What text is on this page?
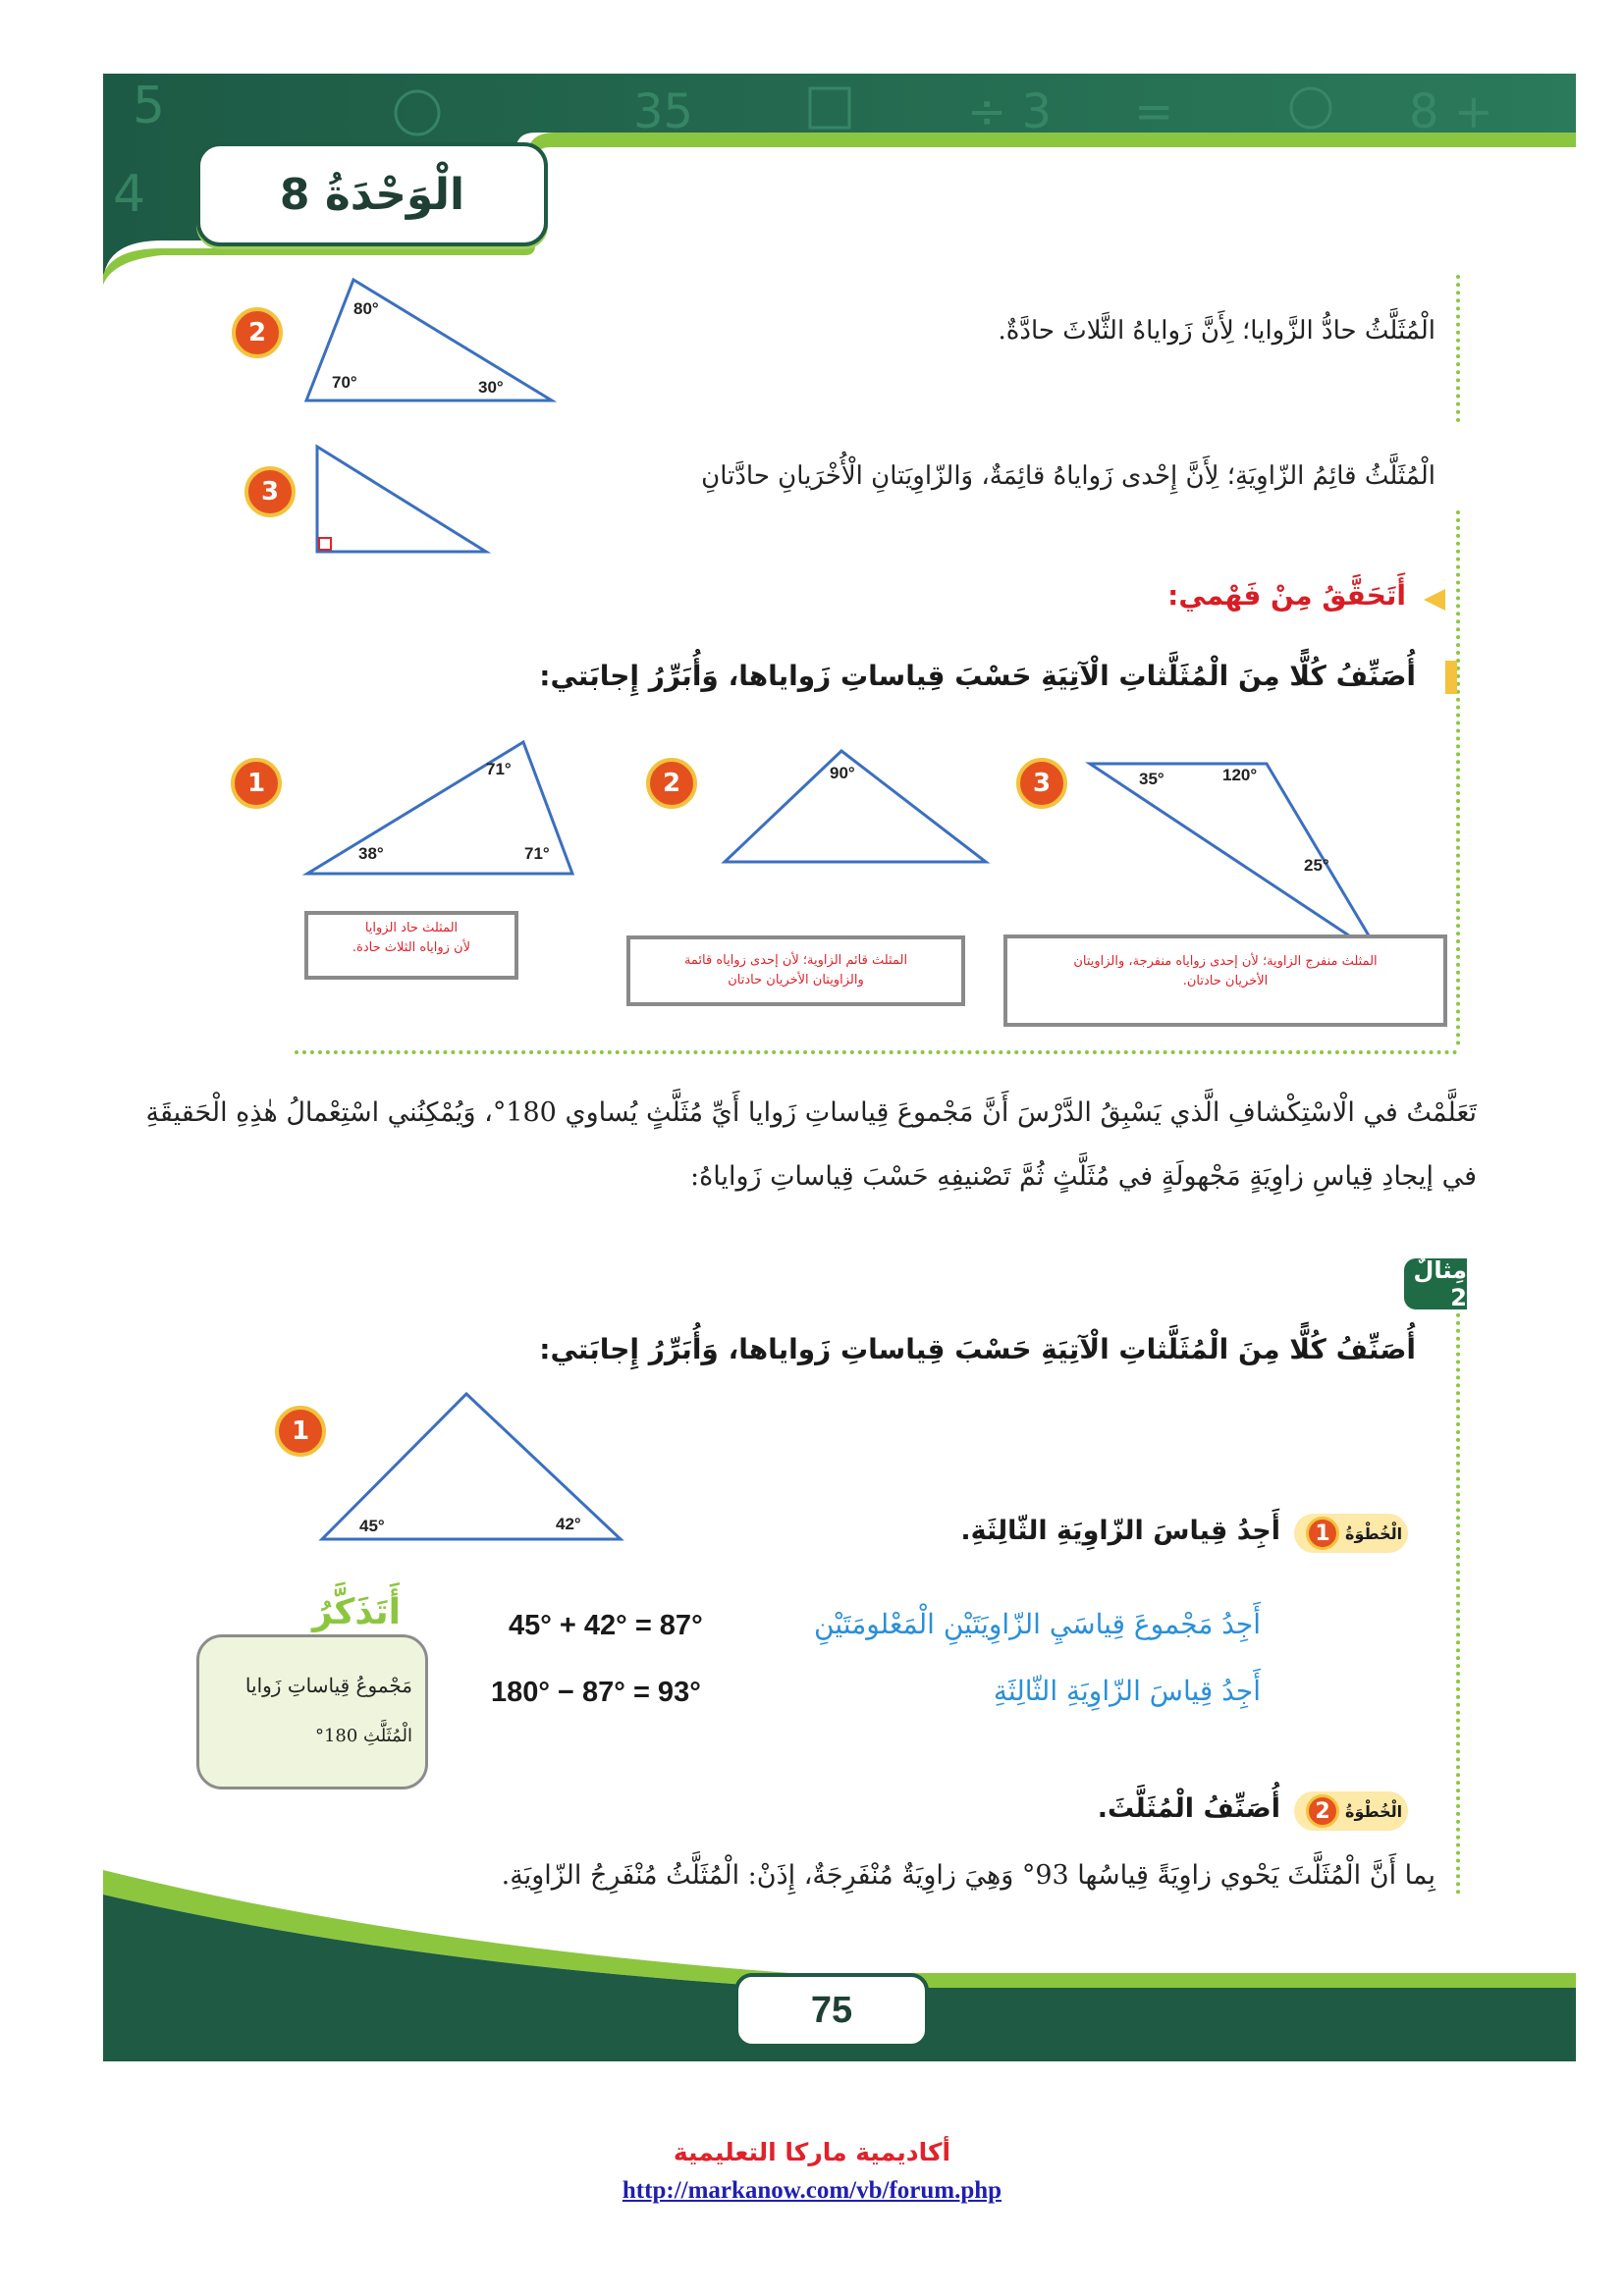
5	35	÷ 3 =	8 +
4	الْوَحْدَةُ 8
2
80°
70°	30°
الْمُثَلَّثُ حادُّ الزَّوايا؛ لِأَنَّ زَواياهُ الثَّلاثَ حادَّةٌ.
3
الْمُثَلَّثُ قائِمُ الزّاوِيَةِ؛ لِأَنَّ إِحْدى زَواياهُ قائِمَةٌ، وَالزّاوِيَتانِ الْأُخْرَيانِ حادَّتانِ
أَتَحَقَّقُ مِنْ فَهْمي:
أُصَنِّفُ كُلًّا مِنَ الْمُثَلَّثاتِ الْآتِيَةِ حَسْبَ قِياساتِ زَواياها، وَأُبَرِّرُ إِجابَتي:
1	71°
38°	71°
المثلث حاد الزوايا
لأن زواياه الثلاث حادة.
2	90°
المثلث قائم الزاوية؛ لأن إحدى زواياه قائمة
والزاويتان الأخريان حادتان
3	35°	120°
25°
المثلث منفرج الزاوية؛ لأن إحدى زواياه منفرجة، والزاويتان
الأخريان حادتان.
تَعَلَّمْتُ في الْاسْتِكْشافِ الَّذي يَسْبِقُ الدَّرْسَ أَنَّ مَجْموعَ قِياساتِ زَوايا أَيِّ مُثَلَّثٍ يُساوي 180°، وَيُمْكِنُني اسْتِعْمالُ هٰذِهِ الْحَقيقَةِ
في إيجادِ قِياسِ زاوِيَةٍ مَجْهولَةٍ في مُثَلَّثٍ ثُمَّ تَصْنيفِهِ حَسْبَ قِياساتِ زَواياهُ:
مِثالٌ 2
أُصَنِّفُ كُلًّا مِنَ الْمُثَلَّثاتِ الْآتِيَةِ حَسْبَ قِياساتِ زَواياها، وَأُبَرِّرُ إِجابَتي:
1
45°	42°	الْخُطْوَةُ
1
أَجِدُ قِياسَ الزّاوِيَةِ الثّالِثَةِ.
أَجِدُ مَجْموعَ قِياسَيِ الزّاوِيَتَيْنِ الْمَعْلومَتَيْنِ
45° + 42° = 87°
أَجِدُ قِياسَ الزّاوِيَةِ الثّالِثَةِ
180° − 87° = 93°
أَتَذَكَّرُ
مَجْموعُ قِياساتِ زَوايا
الْمُثَلَّثِ 180°
الْخُطْوَةُ
2
أُصَنِّفُ الْمُثَلَّثَ.
بِما أَنَّ الْمُثَلَّثَ يَحْوي زاوِيَةً قِياسُها 93° وَهِيَ زاوِيَةٌ مُنْفَرِجَةٌ، إِذَنْ: الْمُثَلَّثُ مُنْفَرِجُ الزّاوِيَةِ.
75
أكاديمية ماركا التعليمية
http://markanow.com/vb/forum.php
